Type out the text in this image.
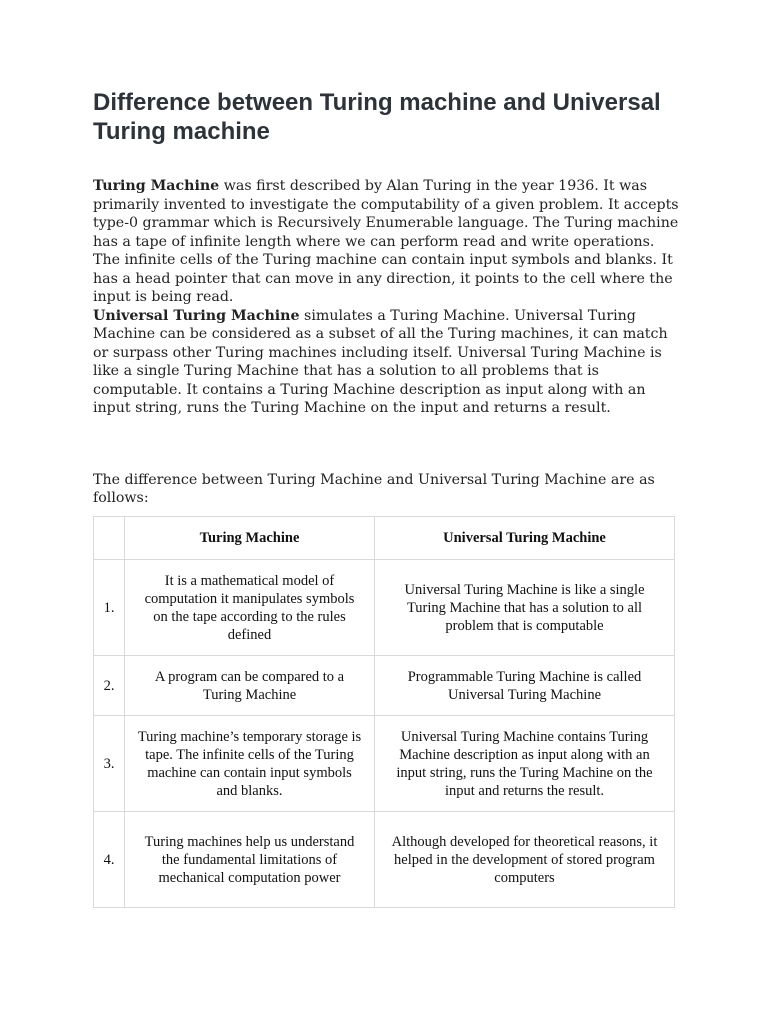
Difference between Turing machine and Universal Turing machine

Turing Machine was first described by Alan Turing in the year 1936. It was primarily invented to investigate the computability of a given problem. It accepts type-0 grammar which is Recursively Enumerable language. The Turing machine has a tape of infinite length where we can perform read and write operations. The infinite cells of the Turing machine can contain input symbols and blanks. It has a head pointer that can move in any direction, it points to the cell where the input is being read.

Universal Turing Machine simulates a Turing Machine. Universal Turing Machine can be considered as a subset of all the Turing machines, it can match or surpass other Turing machines including itself. Universal Turing Machine is like a single Turing Machine that has a solution to all problems that is computable. It contains a Turing Machine description as input along with an input string, runs the Turing Machine on the input and returns a result.

The difference between Turing Machine and Universal Turing Machine are as follows:

	Turing Machine	Universal Turing Machine
1.	It is a mathematical model of computation it manipulates symbols on the tape according to the rules defined	Universal Turing Machine is like a single Turing Machine that has a solution to all problem that is computable
2.	A program can be compared to a Turing Machine	Programmable Turing Machine is called Universal Turing Machine
3.	Turing machine’s temporary storage is tape. The infinite cells of the Turing machine can contain input symbols and blanks.	Universal Turing Machine contains Turing Machine description as input along with an input string, runs the Turing Machine on the input and returns the result.
4.	Turing machines help us understand the fundamental limitations of mechanical computation power	Although developed for theoretical reasons, it helped in the development of stored program computers
